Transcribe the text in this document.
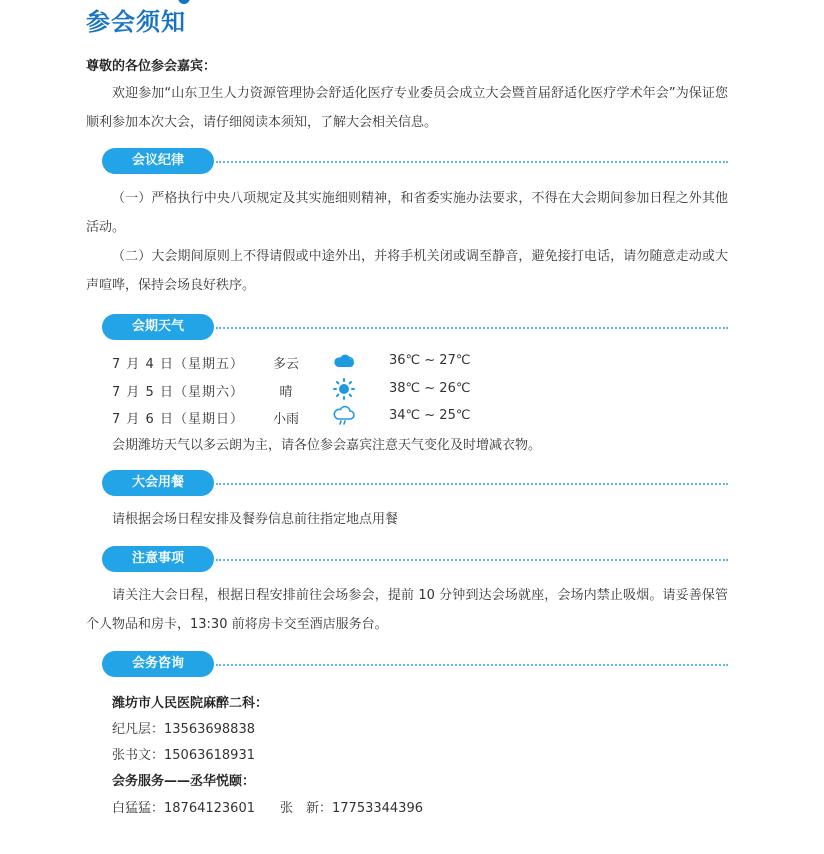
参会须知
尊敬的各位参会嘉宾：

欢迎参加“山东卫生人力资源管理协会舒适化医疗专业委员会成立大会暨首届舒适化医疗学术年会”为保证您顺利参加本次大会，请仔细阅读本须知，了解大会相关信息。

会议纪律

（一）严格执行中央八项规定及其实施细则精神，和省委实施办法要求，不得在大会期间参加日程之外其他活动。

（二）大会期间原则上不得请假或中途外出，并将手机关闭或调至静音，避免接打电话，请勿随意走动或大声喧哗，保持会场良好秩序。

会期天气
7 月 4 日（星期五） 多云	36℃ ~ 27℃
7 月 5 日（星期六）	晴	38℃ ~ 26℃
7 月 6 日（星期日） 小雨	34℃ ~ 25℃
会期潍坊天气以多云朗为主，请各位参会嘉宾注意天气变化及时增减衣物。
大会用餐
请根据会场日程安排及餐券信息前往指定地点用餐
注意事项

请关注大会日程，根据日程安排前往会场参会，提前 10 分钟到达会场就座，会场内禁止吸烟。请妥善保管个人物品和房卡，13:30 前将房卡交至酒店服务台。

会务咨询
潍坊市人民医院麻醉二科：
纪凡层：13563698838
张书文：15063618931
会务服务——丞华悦颐：
白猛猛：18764123601 张　新：17753344396
